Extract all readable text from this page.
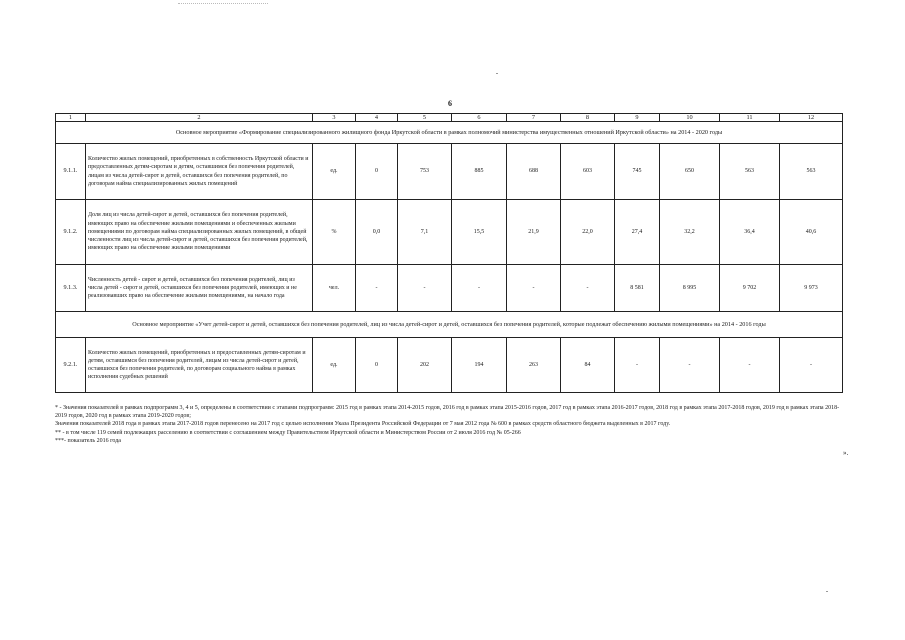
6
1	2	3	4	5	6	7	8	9	10	11	12
Основное мероприятие «Формирование специализированного жилищного фонда Иркутской области в рамках полномочий министерства имущественных отношений Иркутской области» на 2014 - 2020 годы											
9.1.1.	Количество жилых помещений, приобретенных в собственность Иркутской области и предоставленных детям-сиротам и детям, оставшимся без попечения родителей, лицам из числа детей-сирот и детей, оставшихся без попечения родителей, по договорам найма специализированных жилых помещений	ед.	0	753	885	688	603	745	650	563	563
9.1.2.	Доля лиц из числа детей-сирот и детей, оставшихся без попечения родителей, имеющих право на обеспечение жилыми помещениями и обеспеченных жилыми помещениями по договорам найма специализированных жилых помещений, в общей численности лиц из числа детей-сирот и детей, оставшихся без попечения родителей, имеющих право на обеспечение жилыми помещениями	%	0,0	7,1	15,5	21,9	22,0	27,4	32,2	36,4	40,6
9.1.3.	Численность детей - сирот и детей, оставшихся без попечения родителей, лиц из числа детей - сирот и детей, оставшихся без попечения родителей, имеющих и не реализовавших право на обеспечение жилыми помещениями, на начало года	чел.	-	-	-	-	-	8 581	8 995	9 702	9 973
Основное мероприятие «Учет детей-сирот и детей, оставшихся без попечения родителей, лиц из числа детей-сирот и детей, оставшихся без попечения родителей, которые подлежат обеспечению жилыми помещениями» на 2014 - 2016 годы											
9.2.1.	Количество жилых помещений, приобретенных и предоставленных детям-сиротам и детям, оставшимся без попечения родителей, лицам из числа детей-сирот и детей, оставшихся без попечения родителей, по договорам социального найма в рамках исполнения судебных решений	ед.	0	202	194	263	84	-	-	-	-

* - Значения показателей в рамках подпрограмм 3, 4 и 5, определены в соответствии с этапами подпрограмм: 2015 год в рамках этапа 2014-2015 годов, 2016 год в рамках этапа 2015-2016 годов, 2017 год в рамках этапа 2016-2017 годов, 2018 год в рамках этапа 2017-2018 годов, 2019 год в рамках этапа 2018-2019 годов, 2020 год в рамках этапа 2019-2020 годов;

Значения показателей 2018 года в рамках этапа 2017-2018 годов перенесено на 2017 год с целью исполнения Указа Президента Российской Федерации от 7 мая 2012 года № 600 в рамках средств областного бюджета выделенных в 2017 году.

** - в том числе 119 семей подлежащих расселению в соответствии с соглашением между Правительством Иркутской области и Министерством России от 2 июля 2016 год № 05-266

***- показатель 2016 года

».
